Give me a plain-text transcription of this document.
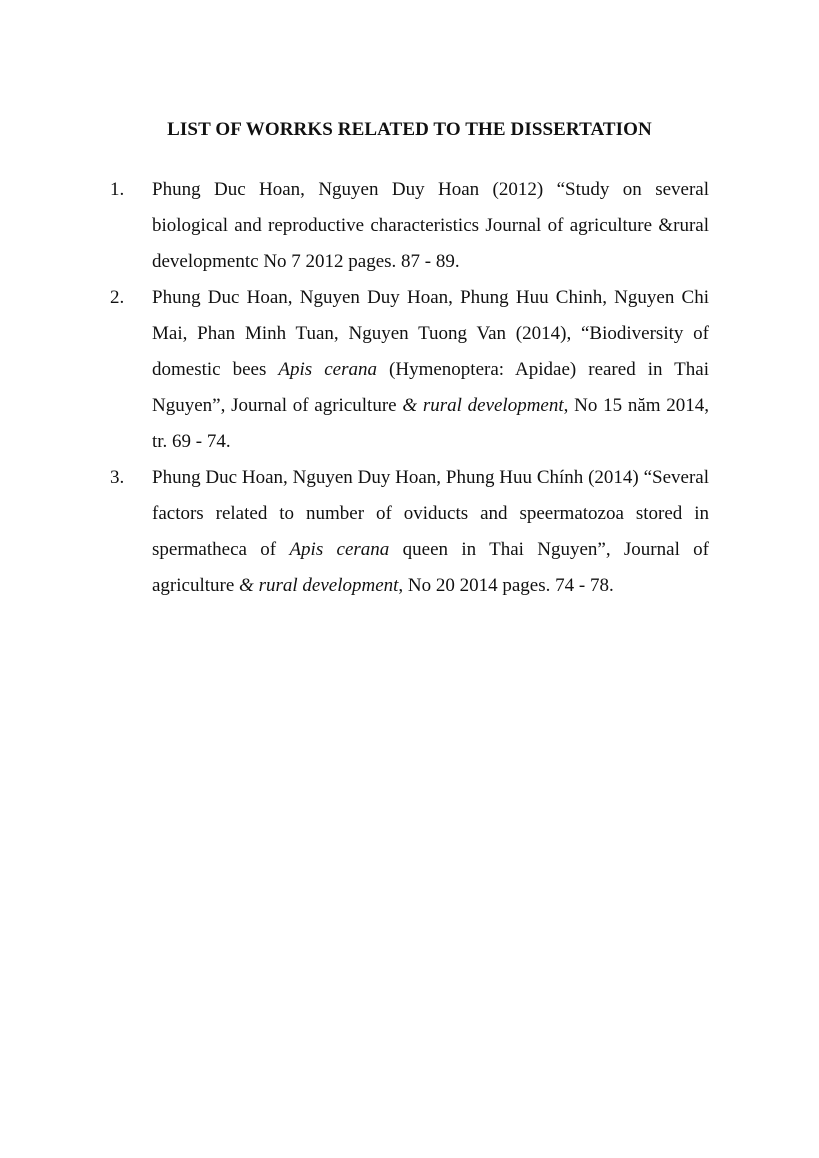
LIST OF WORRKS RELATED TO THE DISSERTATION
1. Phung Duc Hoan, Nguyen Duy Hoan (2012) “Study on several biological and reproductive characteristics Journal of agriculture &rural developmentc No 7 2012 pages. 87 - 89.
2. Phung Duc Hoan, Nguyen Duy Hoan, Phung Huu Chinh, Nguyen Chi Mai, Phan Minh Tuan, Nguyen Tuong Van (2014), “Biodiversity of domestic bees Apis cerana (Hymenoptera: Apidae) reared in Thai Nguyen”, Journal of agriculture & rural development, No 15 năm 2014, tr. 69 - 74.
3. Phung Duc Hoan, Nguyen Duy Hoan, Phung Huu Chính (2014) “Several factors related to number of oviducts and speermatozoa stored in spermatheca of Apis cerana queen in Thai Nguyen”, Journal of agriculture & rural development, No 20 2014 pages. 74 - 78.
